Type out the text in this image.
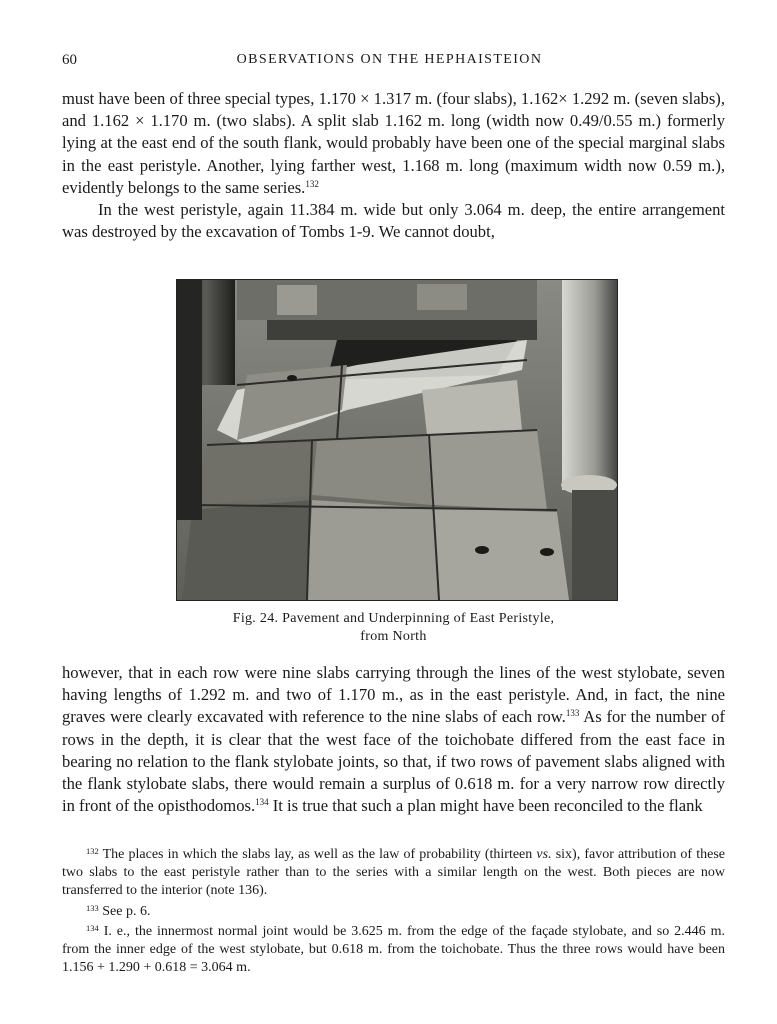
60	OBSERVATIONS ON THE HEPHAISTEION

must have been of three special types, 1.170 × 1.317 m. (four slabs), 1.162× 1.292 m. (seven slabs), and 1.162 × 1.170 m. (two slabs). A split slab 1.162 m. long (width now 0.49/0.55 m.) formerly lying at the east end of the south flank, would probably have been one of the special marginal slabs in the east peristyle. Another, lying farther west, 1.168 m. long (maximum width now 0.59 m.), evidently belongs to the same series.$^{132}$

In the west peristyle, again 11.384 m. wide but only 3.064 m. deep, the entire arrangement was destroyed by the excavation of Tombs 1-9. We cannot doubt,

Fig. 24. Pavement and Underpinning of East Peristyle,
from North

however, that in each row were nine slabs carrying through the lines of the west stylobate, seven having lengths of 1.292 m. and two of 1.170 m., as in the east peristyle. And, in fact, the nine graves were clearly excavated with reference to the nine slabs of each row.$^{133}$ As for the number of rows in the depth, it is clear that the west face of the toichobate differed from the east face in bearing no relation to the flank stylobate joints, so that, if two rows of pavement slabs aligned with the flank stylobate slabs, there would remain a surplus of 0.618 m. for a very narrow row directly in front of the opisthodomos.$^{134}$ It is true that such a plan might have been reconciled to the flank

$^{132}$ The places in which the slabs lay, as well as the law of probability (thirteen vs. six), favor attribution of these two slabs to the east peristyle rather than to the series with a similar length on the west. Both pieces are now transferred to the interior (note 136).

$^{133}$ See p. 6.

$^{134}$ I. e., the innermost normal joint would be 3.625 m. from the edge of the façade stylobate, and so 2.446 m. from the inner edge of the west stylobate, but 0.618 m. from the toichobate. Thus the three rows would have been 1.156 + 1.290 + 0.618 = 3.064 m.
